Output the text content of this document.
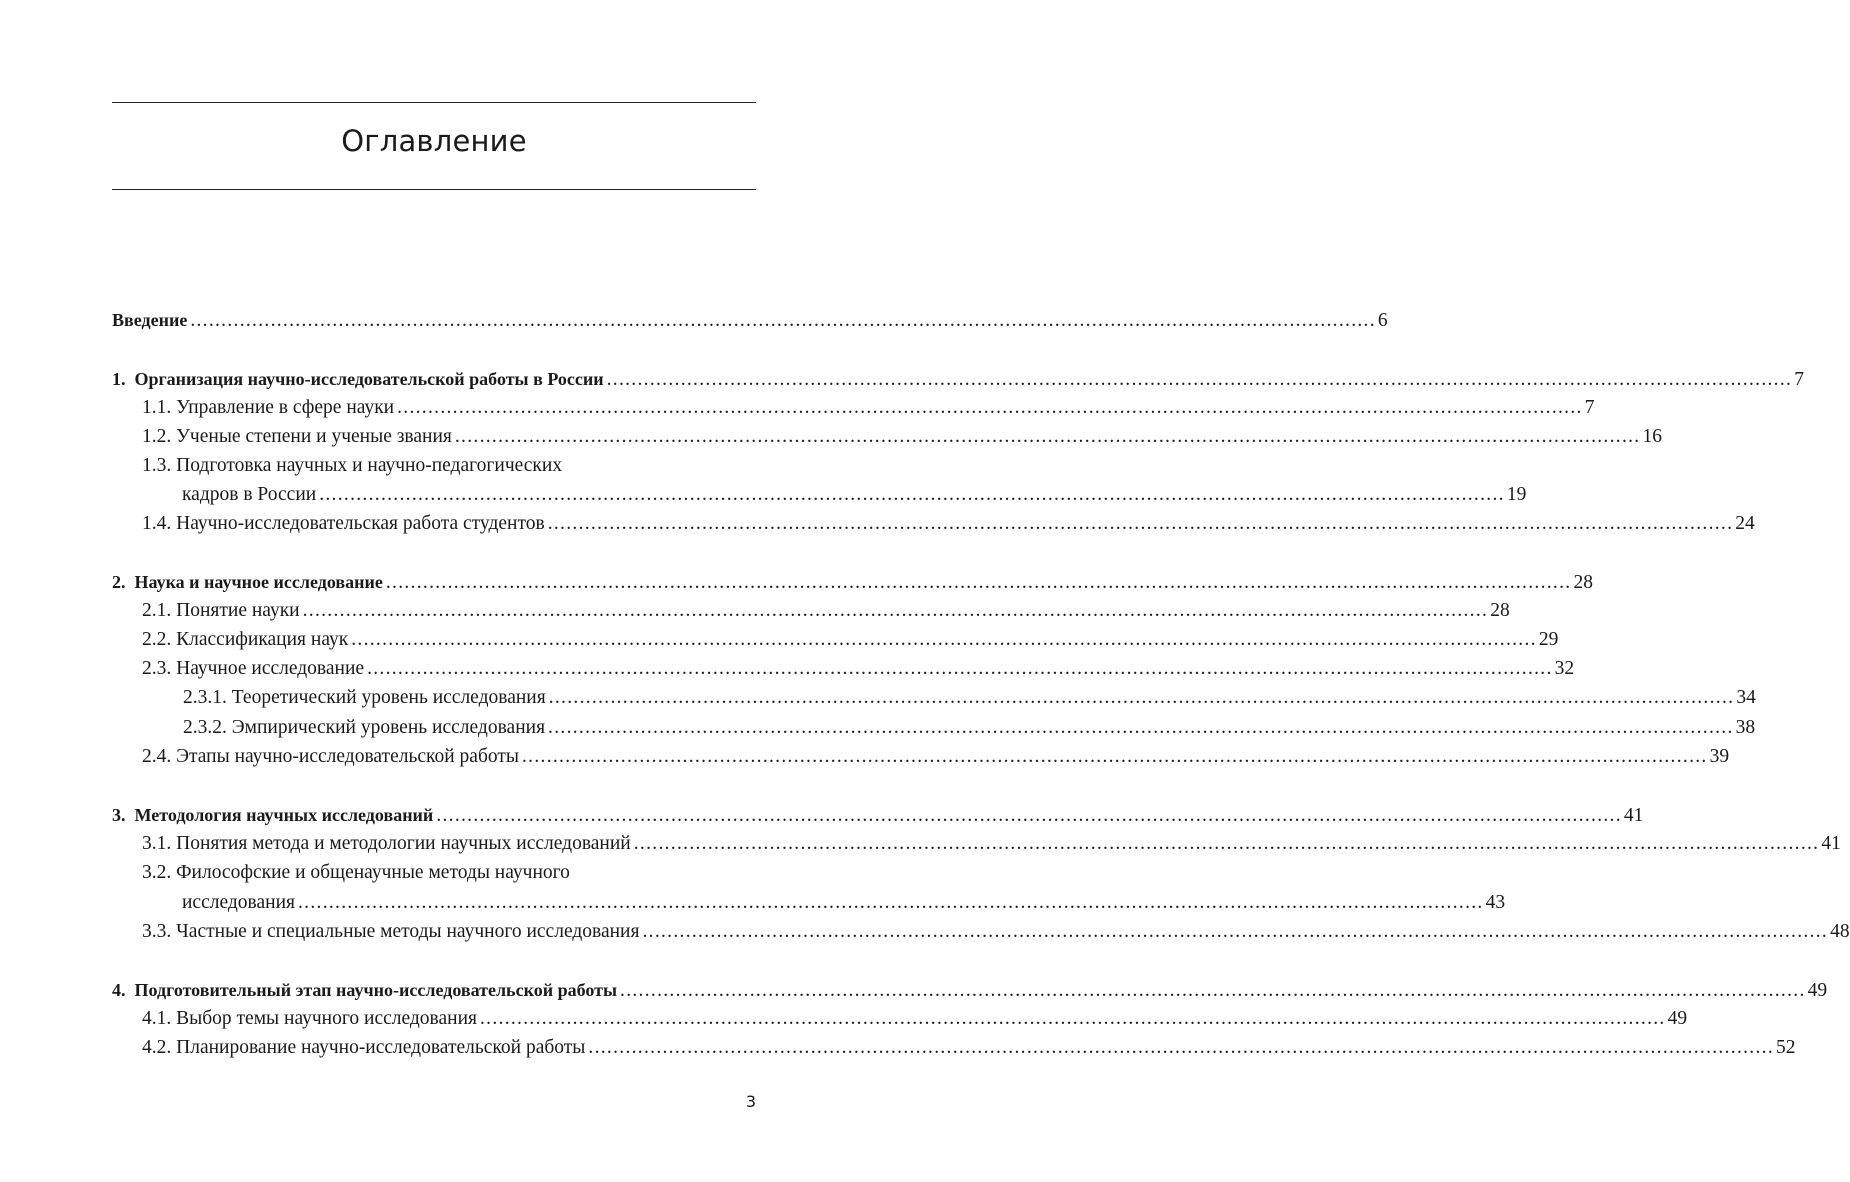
Оглавление
Введение ................................................................................................................................................................................................ 6
1. Организация научно-исследовательской работы в России ................................................................................................................................................................................................ 7
1.1. Управление в сфере науки ................................................................................................................................................................................................ 7
1.2. Ученые степени и ученые звания ................................................................................................................................................................................................ 16
1.3. Подготовка научных и научно-педагогических
кадров в России ................................................................................................................................................................................................ 19
1.4. Научно-исследовательская работа студентов ................................................................................................................................................................................................ 24
2. Наука и научное исследование ................................................................................................................................................................................................ 28
2.1. Понятие науки ................................................................................................................................................................................................ 28
2.2. Классификация наук ................................................................................................................................................................................................ 29
2.3. Научное исследование ................................................................................................................................................................................................ 32
2.3.1. Теоретический уровень исследования ................................................................................................................................................................................................ 34
2.3.2. Эмпирический уровень исследования ................................................................................................................................................................................................ 38
2.4. Этапы научно-исследовательской работы ................................................................................................................................................................................................ 39
3. Методология научных исследований ................................................................................................................................................................................................ 41
3.1. Понятия метода и методологии научных исследований ................................................................................................................................................................................................ 41
3.2. Философские и общенаучные методы научного
исследования ................................................................................................................................................................................................ 43
3.3. Частные и специальные методы научного исследования ................................................................................................................................................................................................ 48
4. Подготовительный этап научно-исследовательской работы ................................................................................................................................................................................................ 49
4.1. Выбор темы научного исследования ................................................................................................................................................................................................ 49
4.2. Планирование научно-исследовательской работы ................................................................................................................................................................................................ 52
3
